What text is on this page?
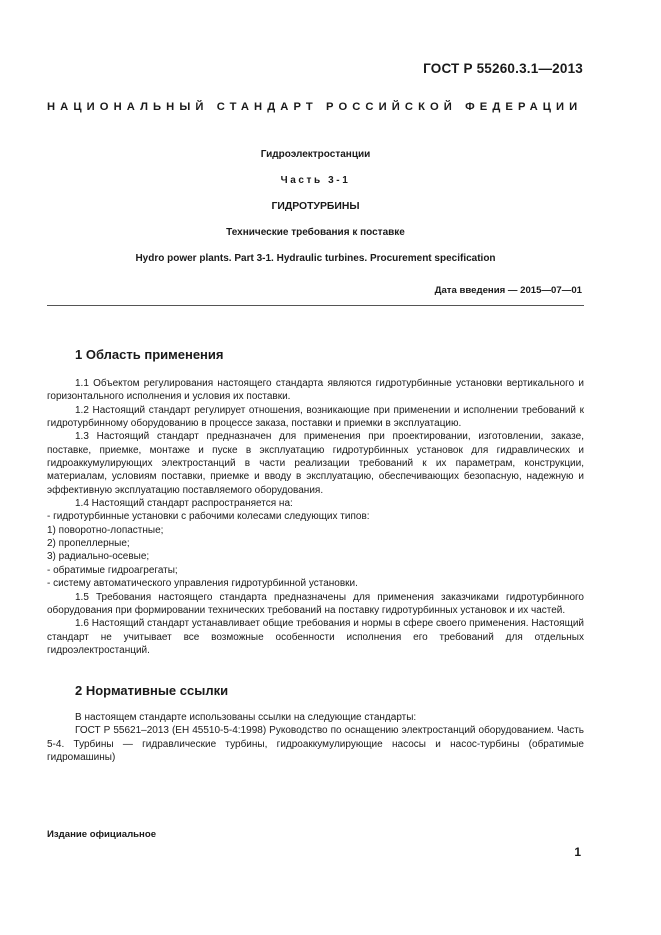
ГОСТ Р 55260.3.1—2013
НАЦИОНАЛЬНЫЙ СТАНДАРТ РОССИЙСКОЙ ФЕДЕРАЦИИ
Гидроэлектростанции
Часть 3-1
ГИДРОТУРБИНЫ
Технические требования к поставке
Hydro power plants. Part 3-1. Hydraulic turbines. Procurement specification
Дата введения — 2015—07—01
1 Область применения

1.1 Объектом регулирования настоящего стандарта являются гидротурбинные установки вертикального и горизонтального исполнения и условия их поставки.

1.2 Настоящий стандарт регулирует отношения, возникающие при применении и исполнении требований к гидротурбинному оборудованию в процессе заказа, поставки и приемки в эксплуатацию.

1.3 Настоящий стандарт предназначен для применения при проектировании, изготовлении, заказе, поставке, приемке, монтаже и пуске в эксплуатацию гидротурбинных установок для гидравлических и гидроаккумулирующих электростанций в части реализации требований к их параметрам, конструкции, материалам, условиям поставки, приемке и вводу в эксплуатацию, обеспечивающих безопасную, надежную и эффективную эксплуатацию поставляемого оборудования.

1.4 Настоящий стандарт распространяется на:

- гидротурбинные установки с рабочими колесами следующих типов:

1) поворотно-лопастные;

2) пропеллерные;

3) радиально-осевые;

- обратимые гидроагрегаты;

- систему автоматического управления гидротурбинной установки.

1.5 Требования настоящего стандарта предназначены для применения заказчиками гидротурбинного оборудования при формировании технических требований на поставку гидротурбинных установок и их частей.

1.6 Настоящий стандарт устанавливает общие требования и нормы в сфере своего применения. Настоящий стандарт не учитывает все возможные особенности исполнения его требований для отдельных гидроэлектростанций.

2 Нормативные ссылки

В настоящем стандарте использованы ссылки на следующие стандарты:

ГОСТ Р 55621–2013 (ЕН 45510-5-4:1998) Руководство по оснащению электростанций оборудованием. Часть 5-4. Турбины — гидравлические турбины, гидроаккумулирующие насосы и насос-турбины (обратимые гидромашины)

Издание официальное
1
